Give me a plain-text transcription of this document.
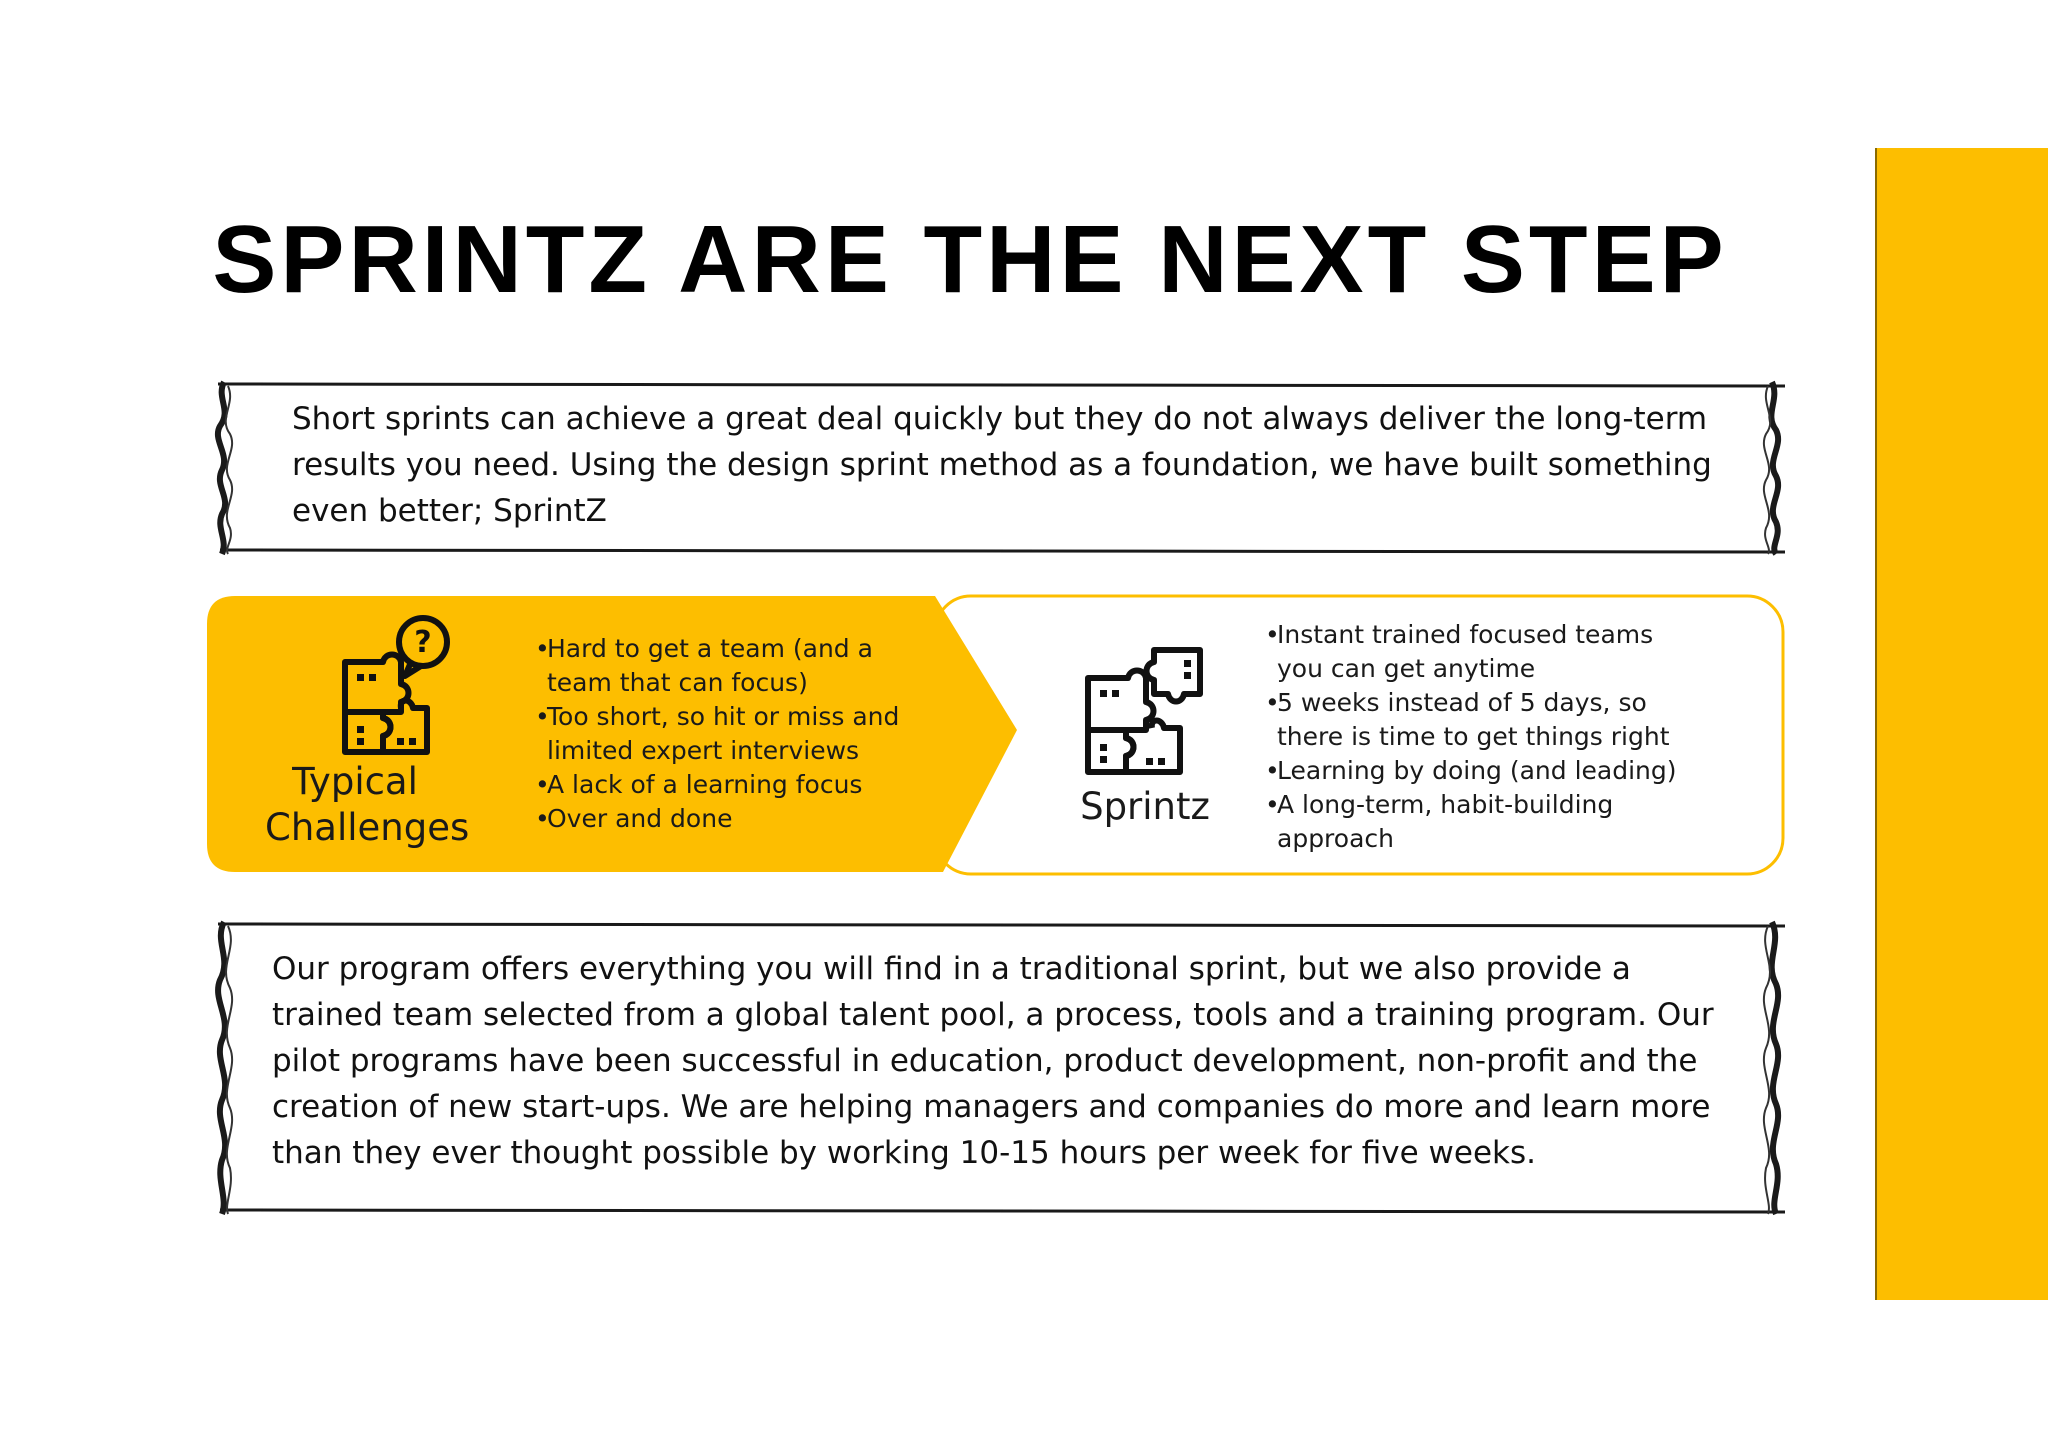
SPRINTZ ARE THE NEXT STEP
Short sprints can achieve a great deal quickly but they do not always deliver the long-term results you need. Using the design sprint method as a foundation, we have built something even better; SprintZ
?
Typical Challenges
• Hard to get a team (and a team that can focus)
• Too short, so hit or miss and limited expert interviews
• A lack of a learning focus
• Over and done	Sprintz
• Instant trained focused teams you can get anytime
• 5 weeks instead of 5 days, so there is time to get things right
• Learning by doing (and leading)
• A long-term, habit-building approach
Our program offers everything you will find in a traditional sprint, but we also provide a trained team selected from a global talent pool, a process, tools and a training program. Our pilot programs have been successful in education, product development, non-profit and the creation of new start-ups. We are helping managers and companies do more and learn more than they ever thought possible by working 10-15 hours per week for five weeks.
